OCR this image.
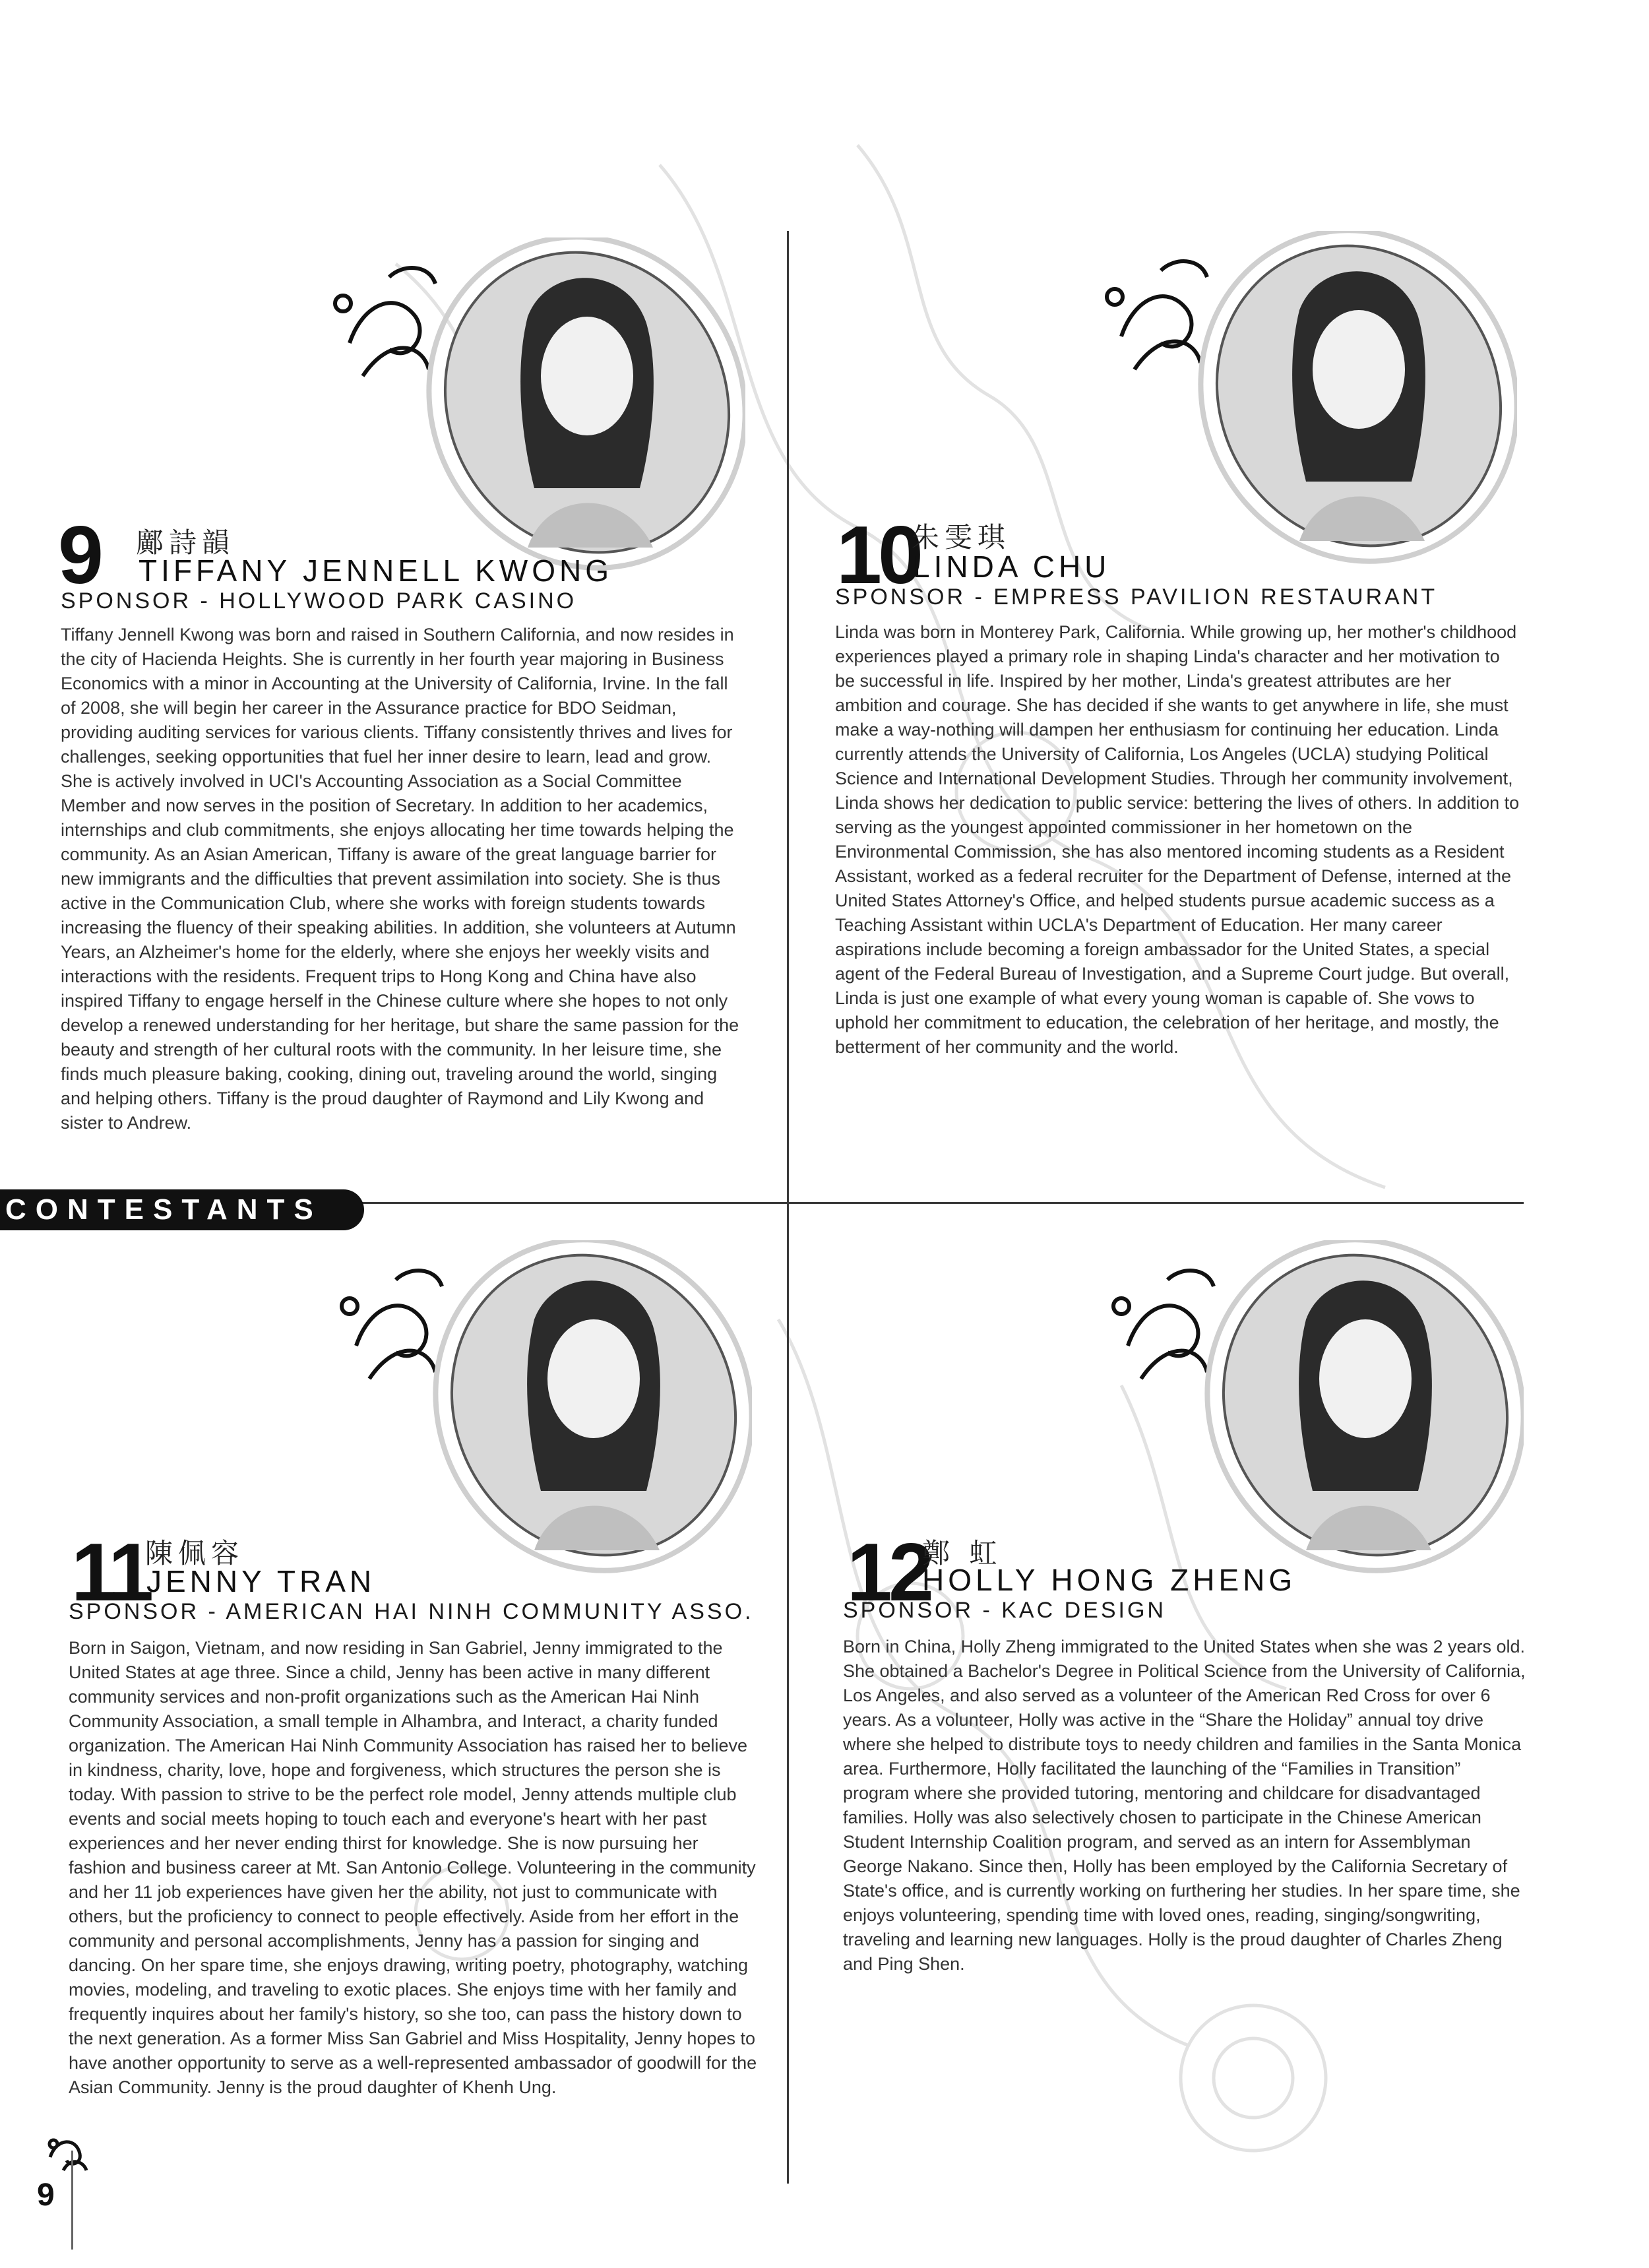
CONTESTANTS
9 鄺詩韻
TIFFANY JENNELL KWONG
SPONSOR - HOLLYWOOD PARK CASINO

Tiffany Jennell Kwong was born and raised in Southern California, and now resides in the city of Hacienda Heights. She is currently in her fourth year majoring in Business Economics with a minor in Accounting at the University of California, Irvine. In the fall of 2008, she will begin her career in the Assurance practice for BDO Seidman, providing auditing services for various clients. Tiffany consistently thrives and lives for challenges, seeking opportunities that fuel her inner desire to learn, lead and grow. She is actively involved in UCI's Accounting Association as a Social Committee Member and now serves in the position of Secretary. In addition to her academics, internships and club commitments, she enjoys allocating her time towards helping the community. As an Asian American, Tiffany is aware of the great language barrier for new immigrants and the difficulties that prevent assimilation into society. She is thus active in the Communication Club, where she works with foreign students towards increasing the fluency of their speaking abilities. In addition, she volunteers at Autumn Years, an Alzheimer's home for the elderly, where she enjoys her weekly visits and interactions with the residents. Frequent trips to Hong Kong and China have also inspired Tiffany to engage herself in the Chinese culture where she hopes to not only develop a renewed understanding for her heritage, but share the same passion for the beauty and strength of her cultural roots with the community. In her leisure time, she finds much pleasure baking, cooking, dining out, traveling around the world, singing and helping others. Tiffany is the proud daughter of Raymond and Lily Kwong and sister to Andrew.

10
朱雯琪
LINDA CHU
SPONSOR - EMPRESS PAVILION RESTAURANT

Linda was born in Monterey Park, California. While growing up, her mother's childhood experiences played a primary role in shaping Linda's character and her motivation to be successful in life. Inspired by her mother, Linda's greatest attributes are her ambition and courage. She has decided if she wants to get anywhere in life, she must make a way-nothing will dampen her enthusiasm for continuing her education. Linda currently attends the University of California, Los Angeles (UCLA) studying Political Science and International Development Studies. Through her community involvement, Linda shows her dedication to public service: bettering the lives of others. In addition to serving as the youngest appointed commissioner in her hometown on the Environmental Commission, she has also mentored incoming students as a Resident Assistant, worked as a federal recruiter for the Department of Defense, interned at the United States Attorney's Office, and helped students pursue academic success as a Teaching Assistant within UCLA's Department of Education. Her many career aspirations include becoming a foreign ambassador for the United States, a special agent of the Federal Bureau of Investigation, and a Supreme Court judge. But overall, Linda is just one example of what every young woman is capable of. She vows to uphold her commitment to education, the celebration of her heritage, and mostly, the betterment of her community and the world.

11
陳佩容
JENNY TRAN
SPONSOR - AMERICAN HAI NINH COMMUNITY ASSO.

Born in Saigon, Vietnam, and now residing in San Gabriel, Jenny immigrated to the United States at age three. Since a child, Jenny has been active in many different community services and non-profit organizations such as the American Hai Ninh Community Association, a small temple in Alhambra, and Interact, a charity funded organization. The American Hai Ninh Community Association has raised her to believe in kindness, charity, love, hope and forgiveness, which structures the person she is today. With passion to strive to be the perfect role model, Jenny attends multiple club events and social meets hoping to touch each and everyone's heart with her past experiences and her never ending thirst for knowledge. She is now pursuing her fashion and business career at Mt. San Antonio College. Volunteering in the community and her 11 job experiences have given her the ability, not just to communicate with others, but the proficiency to connect to people effectively. Aside from her effort in the community and personal accomplishments, Jenny has a passion for singing and dancing. On her spare time, she enjoys drawing, writing poetry, photography, watching movies, modeling, and traveling to exotic places. She enjoys time with her family and frequently inquires about her family's history, so she too, can pass the history down to the next generation. As a former Miss San Gabriel and Miss Hospitality, Jenny hopes to have another opportunity to serve as a well-represented ambassador of goodwill for the Asian Community. Jenny is the proud daughter of Khenh Ung.

12
鄭 虹
HOLLY HONG ZHENG
SPONSOR - KAC DESIGN

Born in China, Holly Zheng immigrated to the United States when she was 2 years old. She obtained a Bachelor's Degree in Political Science from the University of California, Los Angeles, and also served as a volunteer of the American Red Cross for over 6 years. As a volunteer, Holly was active in the “Share the Holiday” annual toy drive where she helped to distribute toys to needy children and families in the Santa Monica area. Furthermore, Holly facilitated the launching of the “Families in Transition” program where she provided tutoring, mentoring and childcare for disadvantaged families. Holly was also selectively chosen to participate in the Chinese American Student Internship Coalition program, and served as an intern for Assemblyman George Nakano. Since then, Holly has been employed by the California Secretary of State's office, and is currently working on furthering her studies. In her spare time, she enjoys volunteering, spending time with loved ones, reading, singing/songwriting, traveling and learning new languages. Holly is the proud daughter of Charles Zheng and Ping Shen.

9
